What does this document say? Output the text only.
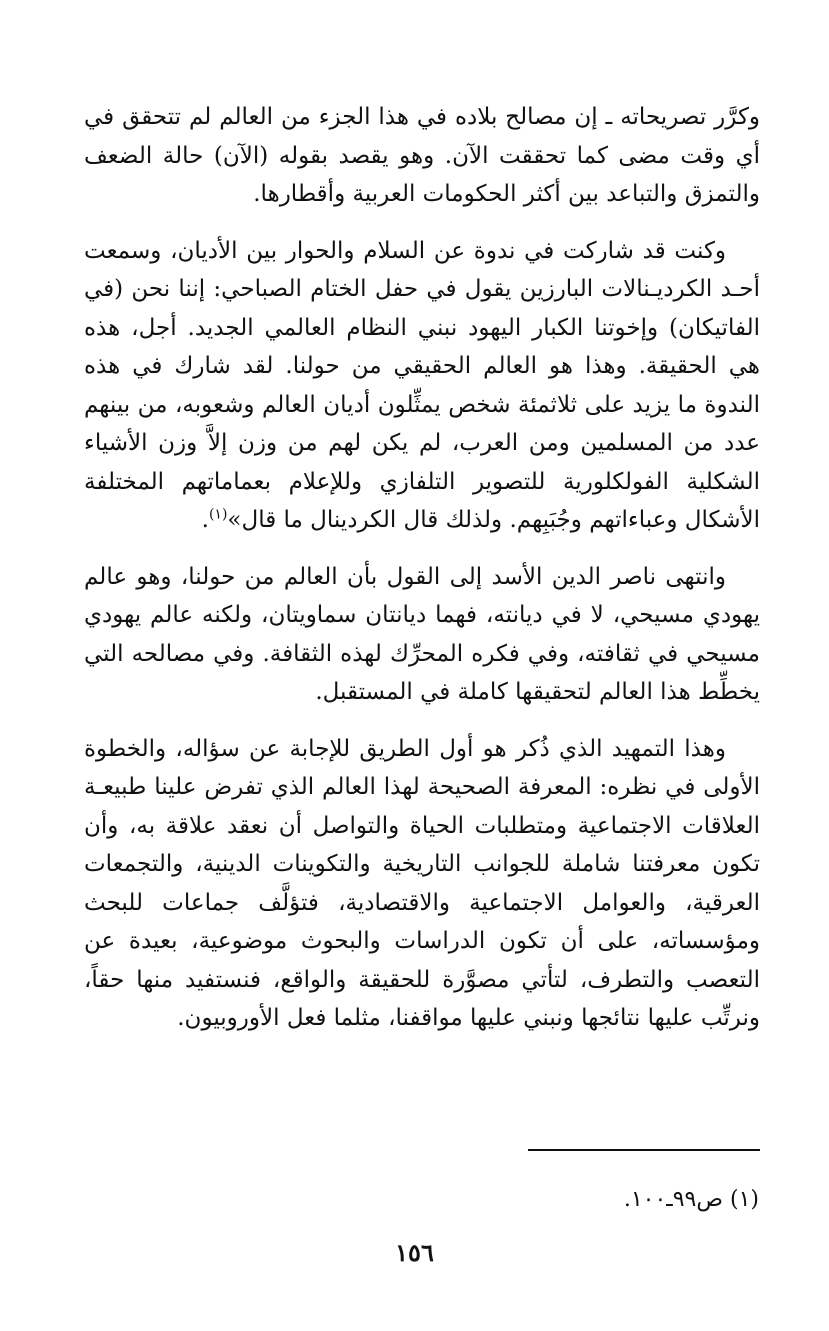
وكرَّر تصريحاته ـ إن مصالح بلاده في هذا الجزء من العالم لم تتحقق في أي وقت مضى كما تحققت الآن. وهو يقصد بقوله (الآن) حالة الضعف والتمزق والتباعد بين أكثر الحكومات العربية وأقطارها.

وكنت قد شاركت في ندوة عن السلام والحوار بين الأديان، وسمعت أحـد الكرديـنالات البارزين يقول في حفل الختام الصباحي: إننا نحن (في الفاتيكان) وإخوتنا الكبار اليهود نبني النظام العالمي الجديد. أجل، هذه هي الحقيقة. وهذا هو العالم الحقيقي من حولنا. لقد شارك في هذه الندوة ما يزيد على ثلاثمئة شخص يمثِّلون أديان العالم وشعوبه، من بينهم عدد من المسلمين ومن العرب، لم يكن لهم من وزن إلاَّ وزن الأشياء الشكلية الفولكلورية للتصوير التلفازي وللإعلام بعماماتهم المختلفة الأشكال وعباءاتهم وجُبَبِهم. ولذلك قال الكردينال ما قال»$^{(١)}$.

وانتهى ناصر الدين الأسد إلى القول بأن العالم من حولنا، وهو عالم يهودي مسيحي، لا في ديانته، فهما ديانتان سماويتان، ولكنه عالم يهودي مسيحي في ثقافته، وفي فكره المحرِّك لهذه الثقافة. وفي مصالحه التي يخطِّط هذا العالم لتحقيقها كاملة في المستقبل.

وهذا التمهيد الذي ذُكر هو أول الطريق للإجابة عن سؤاله، والخطوة الأولى في نظره: المعرفة الصحيحة لهذا العالم الذي تفرض علينا طبيعـة العلاقات الاجتماعية ومتطلبات الحياة والتواصل أن نعقد علاقة به، وأن تكون معرفتنا شاملة للجوانب التاريخية والتكوينات الدينية، والتجمعات العرقية، والعوامل الاجتماعية والاقتصادية، فتؤلَّف جماعات للبحث ومؤسساته، على أن تكون الدراسات والبحوث موضوعية، بعيدة عن التعصب والتطرف، لتأتي مصوَّرة للحقيقة والواقع، فنستفيد منها حقاً، ونرتِّب عليها نتائجها ونبني عليها مواقفنا، مثلما فعل الأوروبيون.

(١) ص٩٩ـ١٠٠.
١٥٦
